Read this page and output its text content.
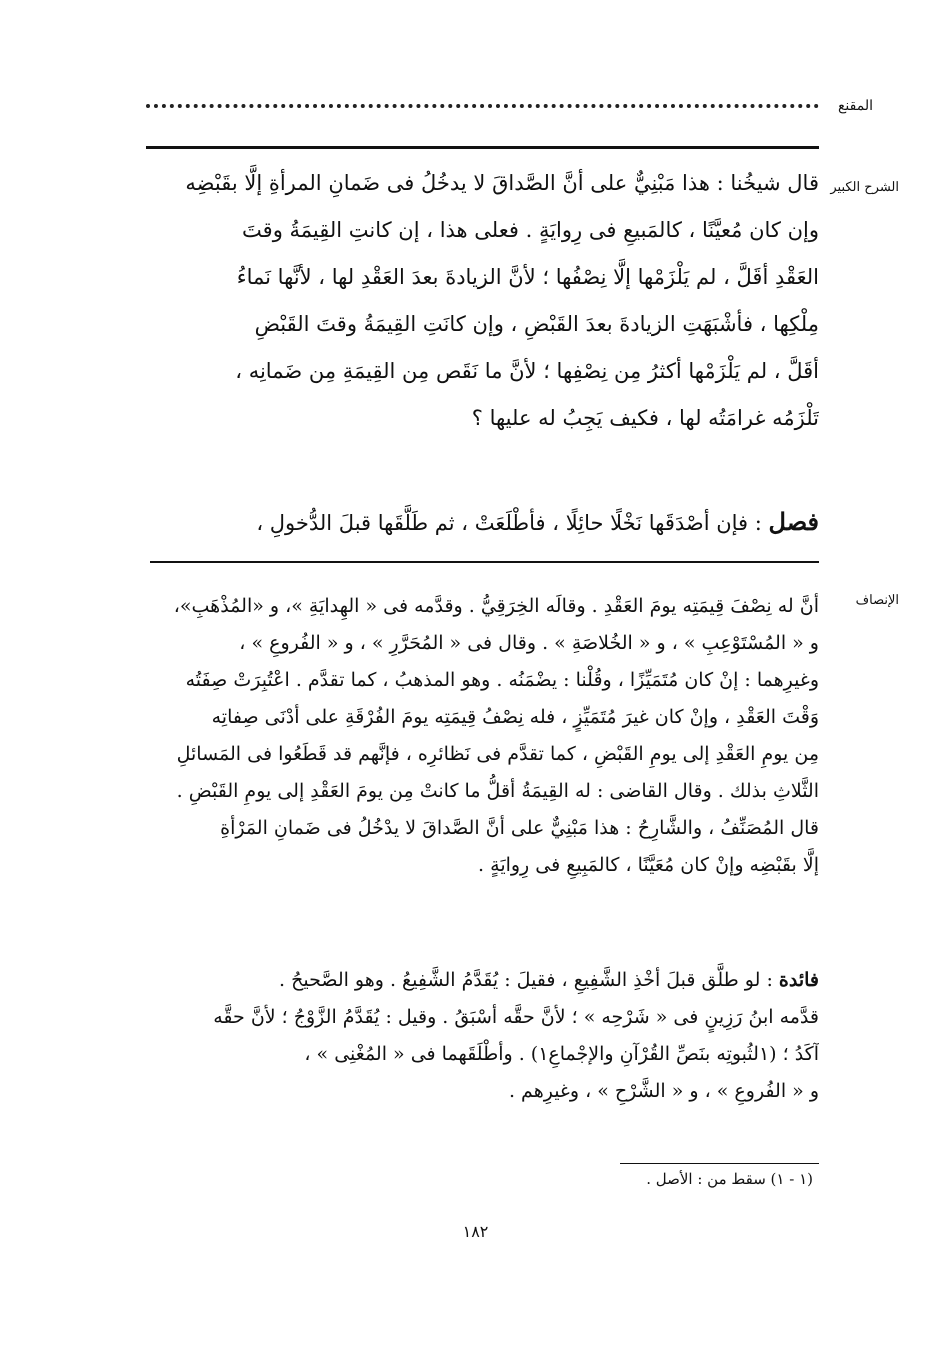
المقنع
الشرح الكبير
قال شيخُنا : هذا مَبْنِيٌّ على أنَّ الصَّداقَ لا يدخُلُ فى ضَمانِ المرأةِ إلَّا بقَبْضِه
وإن كان مُعيَّنًا ، كالمَبيعِ فى رِوايَةٍ . فعلى هذا ، إن كانتِ القِيمَةُ وقتَ
العَقْدِ أقَلَّ ، لم يَلْزَمْها إلَّا نِصْفُها ؛ لأنَّ الزيادةَ بعدَ العَقْدِ لها ، لأنَّها نَماءُ
مِلْكِها ، فأشْبَهَتِ الزيادةَ بعدَ القَبْضِ ، وإن كانَتِ القِيمَةُ وقتَ القَبْضِ
أقَلَّ ، لم يَلْزَمْها أكثرُ مِن نِصْفِها ؛ لأنَّ ما نَقَص مِن القِيمَةِ مِن ضَمانِه ،
تَلْزَمُه غرامَتُه لها ، فكيف يَجِبُ له عليها ؟
فصل : فإن أصْدَقَها نَخْلًا حائِلًا ، فأطْلَعَتْ ، ثم طَلَّقَها قبلَ الدُّخولِ ،
الإنصاف
أنَّ له نِصْفَ قِيمَتِه يومَ العَقْدِ . وقالَه الخِرَقِيُّ . وقدَّمه فى « الهِدايَةِ »، و «المُذْهَبِ»،
و « المُسْتَوْعِبِ » ، و « الخُلاصَةِ » . وقال فى « المُحَرَّرِ » ، و « الفُروعِ » ،
وغيرِهما : إنْ كان مُتَمَيِّزًا ، وقُلْنا : يضْمَنُه . وهو المذهبُ ، كما تقدَّم . اعْتُبِرَتْ صِفَتُه
وَقْتَ العَقْدِ ، وإنْ كان غيرَ مُتَمَيِّزٍ ، فله نِصْفُ قِيمَتِه يومَ الفُرْقَةِ على أدْنَى صِفاتِه
مِن يومِ العَقْدِ إلى يومِ القَبْضِ ، كما تقدَّم فى نَظائرِه ، فإنَّهم قد قَطَعُوا فى المَسائلِ
الثَّلاثِ بذلك . وقال القاضى : له القِيمَةُ أقلُّ ما كانتْ مِن يومَ العَقْدِ إلى يومِ القَبْضِ .
قال المُصَنِّفُ ، والشَّارِحُ : هذا مَبْنِيٌّ على أنَّ الصَّداقَ لا يدْخُلُ فى ضَمانِ المَرْأةِ
إلَّا بقَبْضِه وإنْ كان مُعَيَّنًا ، كالمَبِيعِ فى رِوايَةٍ .
فائدة : لو طلَّق قبلَ أخْذِ الشَّفِيعِ ، فقيلَ : يُقَدَّمُ الشَّفِيعُ . وهو الصَّحيحُ .
قدَّمه ابنُ رَزِينٍ فى « شَرْحِه » ؛ لأنَّ حقَّه أسْبَقُ . وقيل : يُقَدَّمُ الزَّوْجُ ؛ لأنَّ حقَّه
آكَدُ ؛ (١لثُبوتِه بنَصِّ القُرْآنِ والإجْماعِ١) . وأطْلَقَهما فى « المُغْنِى » ،
و « الفُروعِ » ، و « الشَّرْحِ » ، وغيرِهم .
(١ - ١) سقط من : الأصل .
١٨٢
